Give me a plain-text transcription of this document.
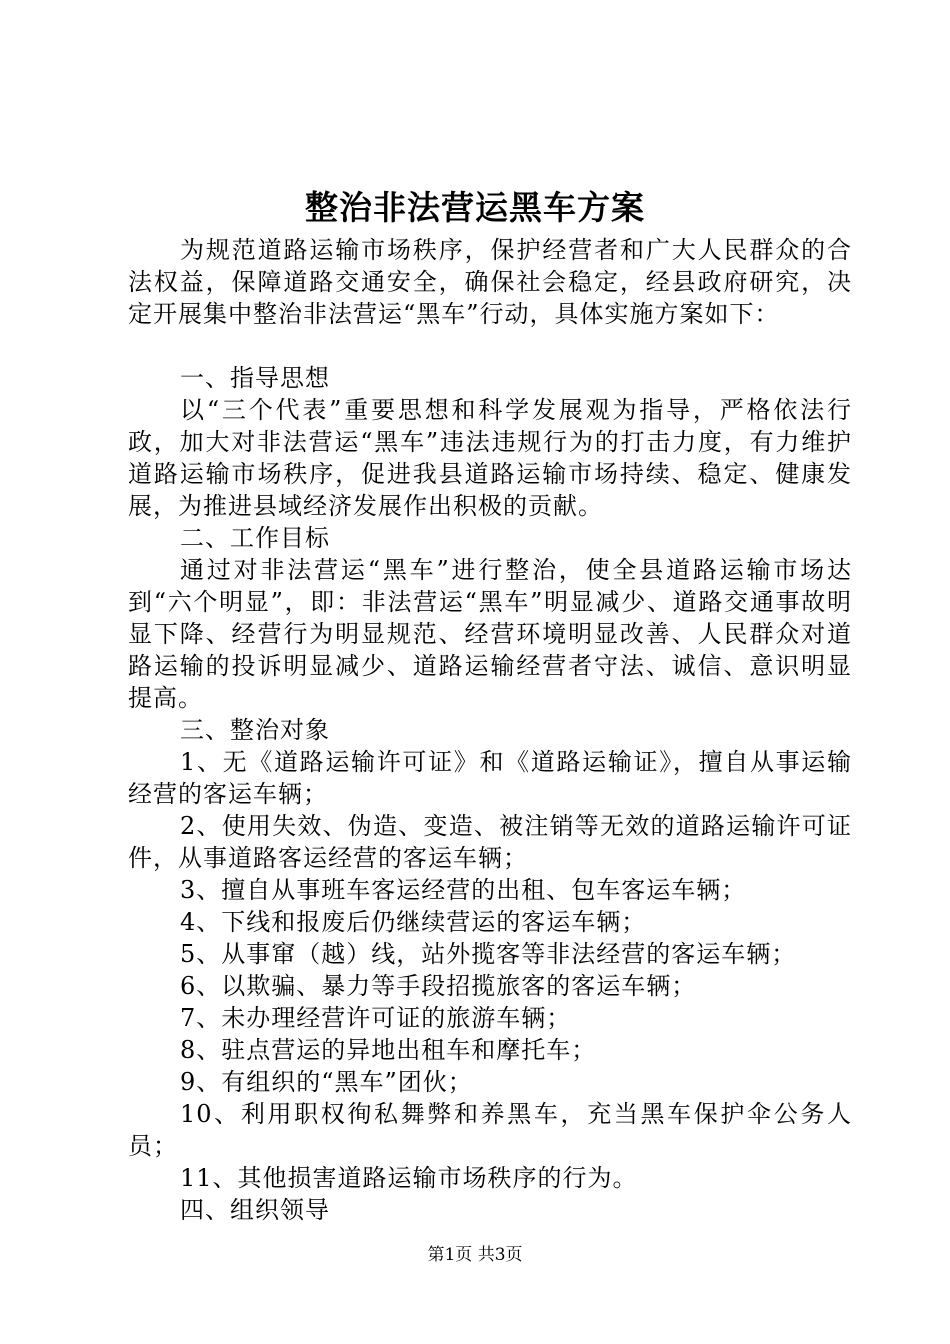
整治非法营运黑车方案

为规范道路运输市场秩序，保护经营者和广大人民群众的合法权益，保障道路交通安全，确保社会稳定，经县政府研究，决定开展集中整治非法营运“黑车”行动，具体实施方案如下：

一、指导思想

以“三个代表”重要思想和科学发展观为指导，严格依法行政，加大对非法营运“黑车”违法违规行为的打击力度，有力维护道路运输市场秩序，促进我县道路运输市场持续、稳定、健康发展，为推进县域经济发展作出积极的贡献。

二、工作目标

通过对非法营运“黑车”进行整治，使全县道路运输市场达到“六个明显”，即：非法营运“黑车”明显减少、道路交通事故明显下降、经营行为明显规范、经营环境明显改善、人民群众对道路运输的投诉明显减少、道路运输经营者守法、诚信、意识明显提高。

三、整治对象

1、无《道路运输许可证》和《道路运输证》，擅自从事运输经营的客运车辆；

2、使用失效、伪造、变造、被注销等无效的道路运输许可证件，从事道路客运经营的客运车辆；

3、擅自从事班车客运经营的出租、包车客运车辆；

4、下线和报废后仍继续营运的客运车辆；

5、从事窜（越）线，站外揽客等非法经营的客运车辆；

6、以欺骗、暴力等手段招揽旅客的客运车辆；

7、未办理经营许可证的旅游车辆；

8、驻点营运的异地出租车和摩托车；

9、有组织的“黑车”团伙；

10、利用职权徇私舞弊和养黑车，充当黑车保护伞公务人员；

11、其他损害道路运输市场秩序的行为。

四、组织领导

第1页 共3页
